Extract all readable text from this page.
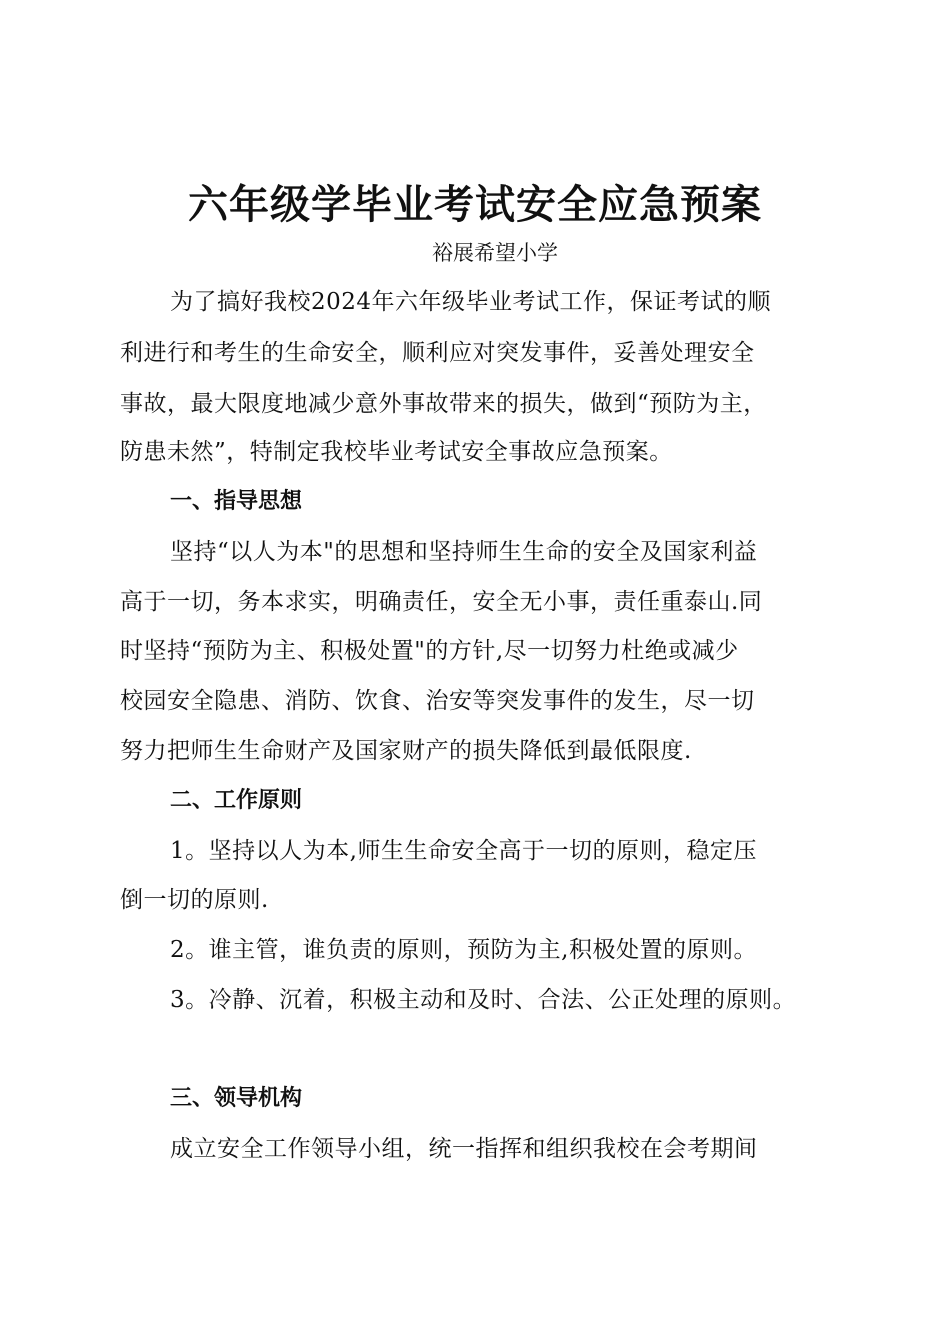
六年级学毕业考试安全应急预案
裕展希望小学
为了搞好我校2024年六年级毕业考试工作，保证考试的顺
利进行和考生的生命安全，顺利应对突发事件，妥善处理安全
事故，最大限度地减少意外事故带来的损失，做到“预防为主，
防患未然”，特制定我校毕业考试安全事故应急预案。
一、指导思想
坚持“以人为本"的思想和坚持师生生命的安全及国家利益
高于一切，务本求实，明确责任，安全无小事，责任重泰山.同
时坚持“预防为主、积极处置"的方针,尽一切努力杜绝或减少
校园安全隐患、消防、饮食、治安等突发事件的发生，尽一切
努力把师生生命财产及国家财产的损失降低到最低限度.
二、工作原则
1。坚持以人为本,师生生命安全高于一切的原则，稳定压
倒一切的原则.
2。谁主管，谁负责的原则，预防为主,积极处置的原则。
3。冷静、沉着，积极主动和及时、合法、公正处理的原则。
三、领导机构
成立安全工作领导小组，统一指挥和组织我校在会考期间
